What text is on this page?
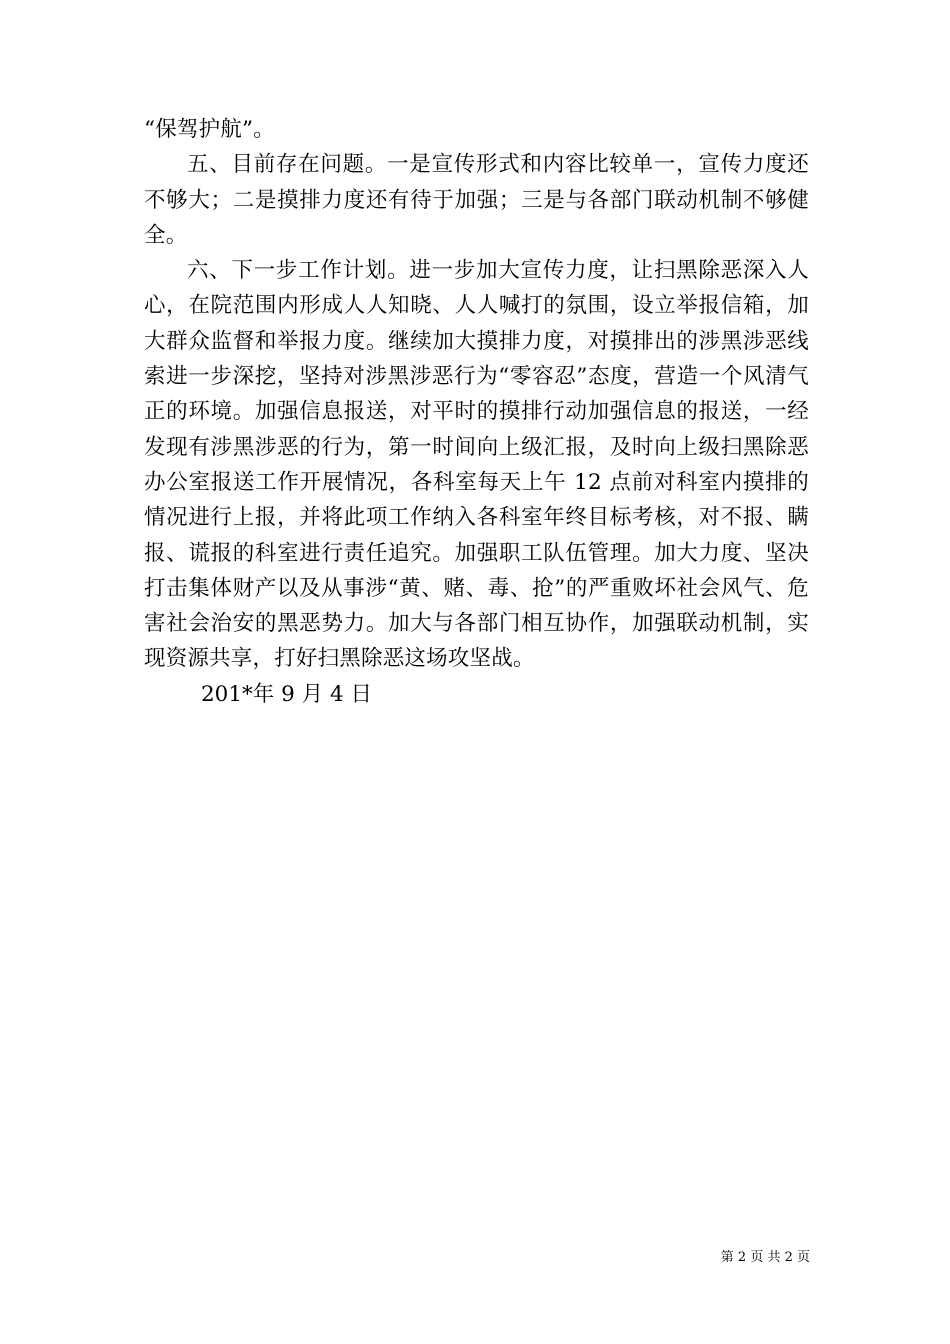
“保驾护航”。

五、目前存在问题。一是宣传形式和内容比较单一，宣传力度还不够大；二是摸排力度还有待于加强；三是与各部门联动机制不够健全。

六、下一步工作计划。进一步加大宣传力度，让扫黑除恶深入人心，在院范围内形成人人知晓、人人喊打的氛围，设立举报信箱，加大群众监督和举报力度。继续加大摸排力度，对摸排出的涉黑涉恶线索进一步深挖，坚持对涉黑涉恶行为“零容忍”态度，营造一个风清气正的环境。加强信息报送，对平时的摸排行动加强信息的报送，一经发现有涉黑涉恶的行为，第一时间向上级汇报，及时向上级扫黑除恶办公室报送工作开展情况，各科室每天上午 12 点前对科室内摸排的情况进行上报，并将此项工作纳入各科室年终目标考核，对不报、瞒报、谎报的科室进行责任追究。加强职工队伍管理。加大力度、坚决打击集体财产以及从事涉“黄、赌、毒、抢”的严重败坏社会风气、危害社会治安的黑恶势力。加大与各部门相互协作，加强联动机制，实现资源共享，打好扫黑除恶这场攻坚战。

201*年 9 月 4 日

第 2 页 共 2 页
